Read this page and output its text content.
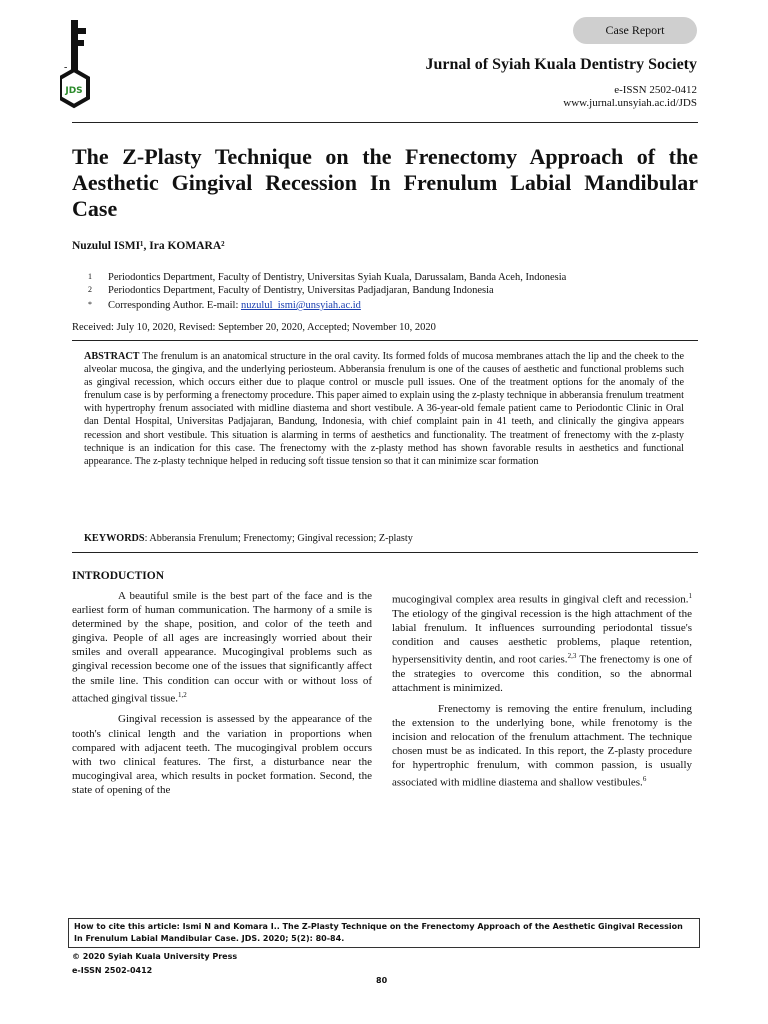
Case Report
-
JDS
Jurnal of Syiah Kuala Dentistry Society
e-ISSN 2502-0412
www.jurnal.unsyiah.ac.id/JDS
The Z-Plasty Technique on the Frenectomy Approach of the Aesthetic Gingival Recession In Frenulum Labial Mandibular Case
Nuzulul ISMI¹, Ira KOMARA²
1 Periodontics Department, Faculty of Dentistry, Universitas Syiah Kuala, Darussalam, Banda Aceh, Indonesia
2 Periodontics Department, Faculty of Dentistry, Universitas Padjadjaran, Bandung Indonesia
* Corresponding Author. E-mail: nuzulul_ismi@unsyiah.ac.id
Received: July 10, 2020, Revised: September 20, 2020, Accepted; November 10, 2020
ABSTRACT The frenulum is an anatomical structure in the oral cavity. Its formed folds of mucosa membranes attach the lip and the cheek to the alveolar mucosa, the gingiva, and the underlying periosteum. Abberansia frenulum is one of the causes of aesthetic and functional problems such as gingival recession, which occurs either due to plaque control or muscle pull issues. One of the treatment options for the anomaly of the frenulum case is by performing a frenectomy procedure. This paper aimed to explain using the z-plasty technique in abberansia frenulum treatment with hypertrophy frenum associated with midline diastema and short vestibule. A 36-year-old female patient came to Periodontic Clinic in Oral dan Dental Hospital, Universitas Padjajaran, Bandung, Indonesia, with chief complaint pain in 41 teeth, and clinically the gingiva appears recession and short vestibule. This situation is alarming in terms of aesthetics and functionality. The treatment of frenectomy with the z-plasty technique is an indication for this case. The frenectomy with the z-plasty method has shown favorable results in aesthetics and functional appearance. The z-plasty technique helped in reducing soft tissue tension so that it can minimize scar formation
KEYWORDS: Abberansia Frenulum; Frenectomy; Gingival recession; Z-plasty
INTRODUCTION

A beautiful smile is the best part of the face and is the earliest form of human communication. The harmony of a smile is determined by the shape, position, and color of the teeth and gingiva. People of all ages are increasingly worried about their smiles and overall appearance. Mucogingival problems such as gingival recession become one of the issues that significantly affect the smile line. This condition can occur with or without loss of attached gingival tissue.$^{1,2}$

Gingival recession is assessed by the appearance of the tooth's clinical length and the variation in proportions when compared with adjacent teeth. The mucogingival problem occurs with two clinical features. The first, a disturbance near the mucogingival area, which results in pocket formation. Second, the state of opening of the

mucogingival complex area results in gingival cleft and recession.$^1$ The etiology of the gingival recession is the high attachment of the labial frenulum. It influences surrounding periodontal tissue's condition and causes aesthetic problems, plaque retention, hypersensitivity dentin, and root caries.$^{2,3}$ The frenectomy is one of the strategies to overcome this condition, so the abnormal attachment is minimized.

Frenectomy is removing the entire frenulum, including the extension to the underlying bone, while frenotomy is the incision and relocation of the frenulum attachment. The technique chosen must be as indicated. In this report, the Z-plasty procedure for hypertrophic frenulum, with common passion, is usually associated with midline diastema and shallow vestibules.$^6$

How to cite this article: Ismi N and Komara I.. The Z-Plasty Technique on the Frenectomy Approach of the Aesthetic Gingival Recession In Frenulum Labial Mandibular Case. JDS. 2020; 5(2): 80-84.
© 2020 Syiah Kuala University Press
e-ISSN 2502-0412
80
